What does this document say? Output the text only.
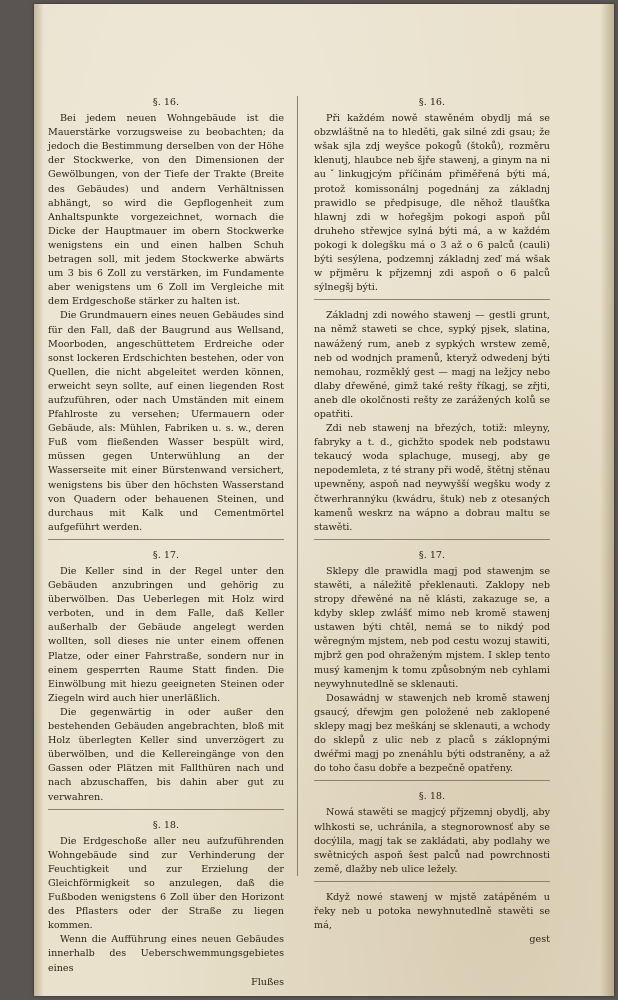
§. 16.

Bei jedem neuen Wohngebäude ist die Mauerstärke vorzugsweise zu beobachten; da jedoch die Bestimmung derselben von der Höhe der Stockwerke, von den Dimensionen der Gewölbungen, von der Tiefe der Trakte (Breite des Gebäudes) und andern Verhältnissen abhängt, so wird die Gepflogenheit zum Anhaltspunkte vorgezeichnet, wornach die Dicke der Hauptmauer im obern Stockwerke wenigstens ein und einen halben Schuh betragen soll, mit jedem Stockwerke abwärts um 3 bis 6 Zoll zu verstärken, im Fundamente aber wenigstens um 6 Zoll im Vergleiche mit dem Erdgeschoße stärker zu halten ist.

Die Grundmauern eines neuen Gebäudes sind für den Fall, daß der Baugrund aus Wellsand, Moorboden, angeschüttetem Erdreiche oder sonst lockeren Erdschichten bestehen, oder von Quellen, die nicht abgeleitet werden können, erweicht seyn sollte, auf einen liegenden Rost aufzuführen, oder nach Umständen mit einem Pfahlroste zu versehen; Ufermauern oder Gebäude, als: Mühlen, Fabriken u. s. w., deren Fuß vom fließenden Wasser bespült wird, müssen gegen Unterwühlung an der Wasserseite mit einer Bürstenwand versichert, wenigstens bis über den höchsten Wasserstand von Quadern oder behauenen Steinen, und durchaus mit Kalk und Cementmörtel aufgeführt werden.

§. 17.

Die Keller sind in der Regel unter den Gebäuden anzubringen und gehörig zu überwölben. Das Ueberlegen mit Holz wird verboten, und in dem Falle, daß Keller außerhalb der Gebäude angelegt werden wollten, soll dieses nie unter einem offenen Platze, oder einer Fahrstraße, sondern nur in einem gesperrten Raume Statt finden. Die Einwölbung mit hiezu geeigneten Steinen oder Ziegeln wird auch hier unerläßlich.

Die gegenwärtig in oder außer den bestehenden Gebäuden angebrachten, bloß mit Holz überlegten Keller sind unverzögert zu überwölben, und die Kellereingänge von den Gassen oder Plätzen mit Fallthüren nach und nach abzuschaffen, bis dahin aber gut zu verwahren.

§. 18.

Die Erdgeschoße aller neu aufzuführenden Wohngebäude sind zur Verhinderung der Feuchtigkeit und zur Erzielung der Gleichförmigkeit so anzulegen, daß die Fußboden wenigstens 6 Zoll über den Horizont des Pflasters oder der Straße zu liegen kommen.

Wenn die Aufführung eines neuen Gebäudes innerhalb des Ueberschwemmungsgebietes eines

Flußes

§. 16.

Při každém nowě stawěném obydlj má se obzwláštně na to hleděti, gak silné zdi gsau; že wšak sjla zdj weyšce pokogů (štoků), rozměru klenutj, hlaubce neb šjře stawenj, a ginym na ni auˇlinkugjcým příčinám přiměřená býti má, protož komissonálnj pogednánj za základnj prawidlo se předpisuge, dle něhož tlaušťka hlawnj zdi w hořegšjm pokogi aspoň půl druheho střewjce sylná býti má, a w každém pokogi k dolegšku má o 3 až o 6 palců (cauli) býti sesýlena, podzemnj základnj zeď má wšak w přjměru k přjzemnj zdi aspoň o 6 palců sýlnegšj býti.

Základnj zdi nowého stawenj — gestli grunt, na němž staweti se chce, sypký pjsek, slatina, nawážený rum, aneb z sypkých wrstew země, neb od wodnjch pramenů, kteryž odwedenj býti nemohau, rozměklý gest — magj na ležjcy nebo dlaby dřewěné, gimž také rešty říkagj, se zřjti, aneb dle okolčnosti rešty ze zarážených kolů se opatřiti.

Zdi neb stawenj na březých, totiž: mleyny, fabryky a t. d., gichžto spodek neb podstawu tekaucý woda splachuge, musegj, aby ge nepodemleta, z té strany při wodě, štětnj stěnau upewněny, aspoň nad neywyšší wegšku wody z čtwerhrannýku (kwádru, štuk) neb z otesaných kamenů weskrz na wápno a dobrau maltu se stawěti.

§. 17.

Sklepy dle prawidla magj pod stawenjm se stawěti, a náležitě překlenauti. Zaklopy neb stropy dřewěné na ně klásti, zakazuge se, a kdyby sklep zwlášť mimo neb kromě stawenj ustawen býti chtěl, nemá se to nikdý pod wěregným mjstem, neb pod cestu wozuj stawiti, mjbrž gen pod ohraženým mjstem. I sklep tento musý kamenjm k tomu způsobným neb cyhlami neywyhnutedlně se sklenauti.

Dosawádnj w stawenjch neb kromě stawenj gsaucý, dřewjm gen položené neb zaklopené sklepy magj bez meškánj se sklenauti, a wchody do sklepů z ulic neb z placů s záklopnými dwéřmi magj po znenáhlu býti odstraněny, a až do toho času dobře a bezpečně opatřeny.

§. 18.

Nowá stawěti se magjcý přjzemnj obydlj, aby wlhkosti se, uchránila, a stegnorownosť aby se docýlila, magj tak se zakládati, aby podlahy we swětnicých aspoň šest palců nad powrchnosti země, dlažby neb ulice ležely.

Když nowé stawenj w mjstě zatápěném u řeky neb u potoka newyhnutedlně stawěti se má,

gest
